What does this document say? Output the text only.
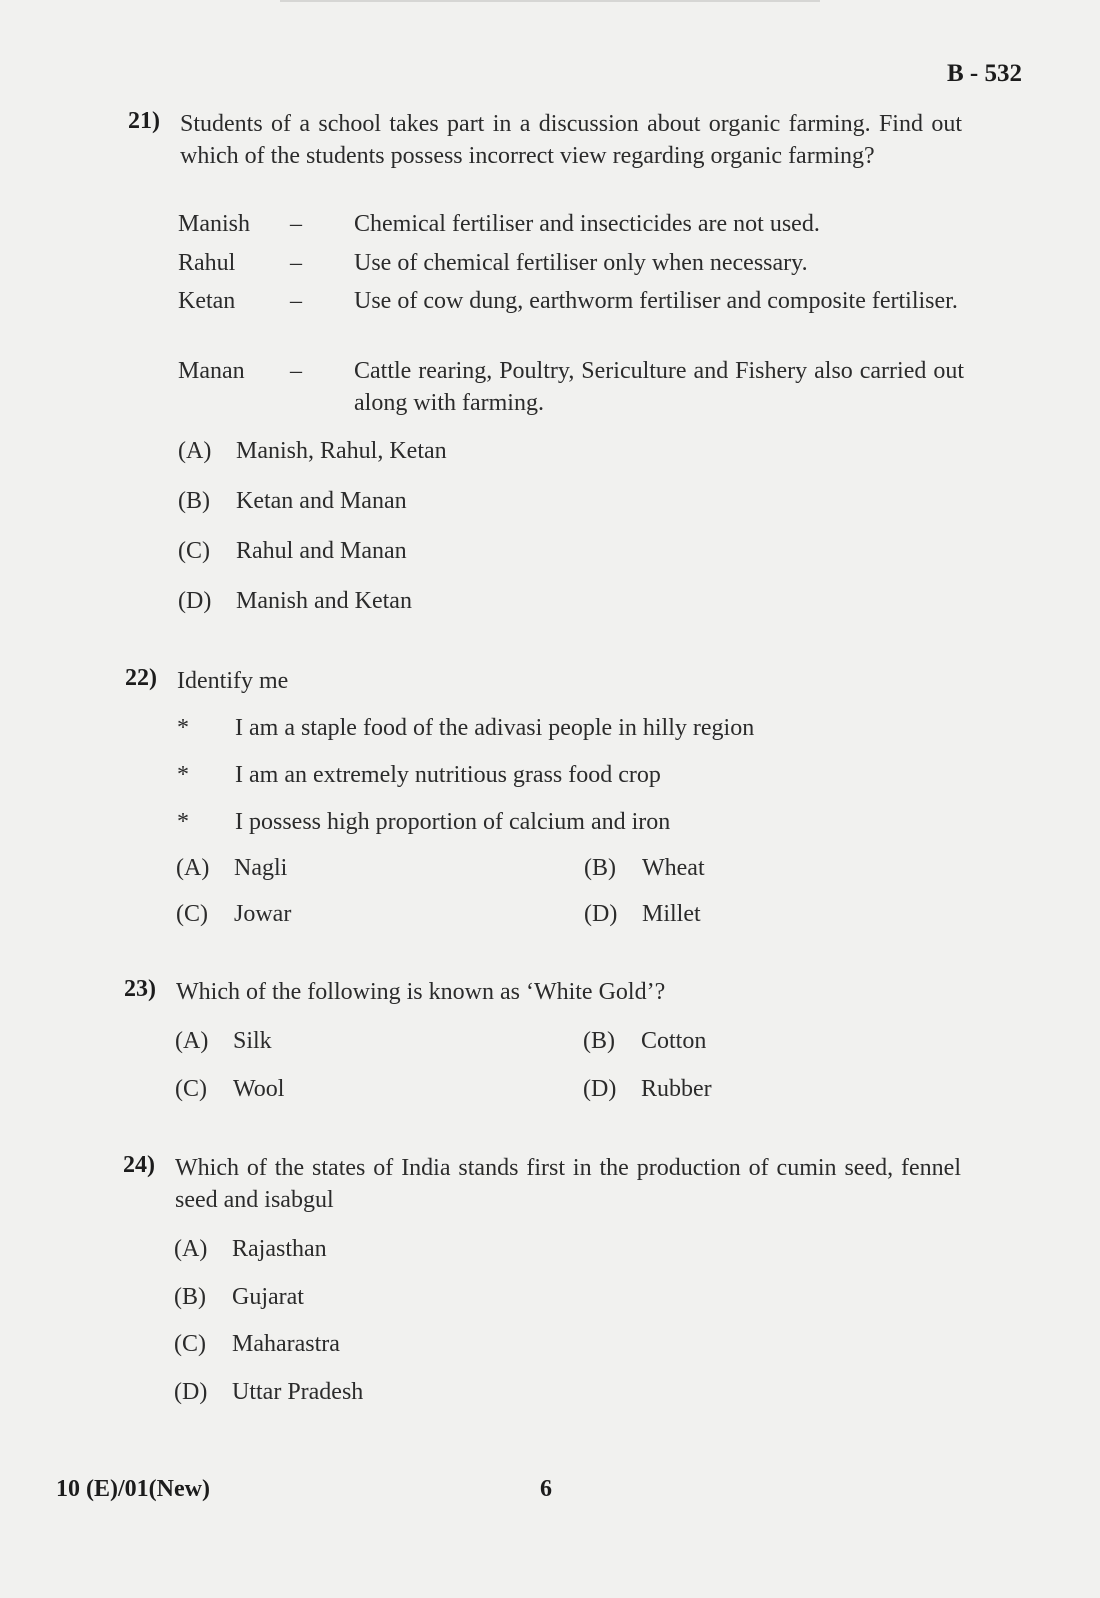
B - 532
21) Students of a school takes part in a discussion about organic farming. Find out which of the students possess incorrect view regarding organic farming?
Manish – Chemical fertiliser and insecticides are not used.
Rahul – Use of chemical fertiliser only when necessary.
Ketan – Use of cow dung, earthworm fertiliser and composite fertiliser.
Manan – Cattle rearing, Poultry, Sericulture and Fishery also carried out along with farming.
(A) Manish, Rahul, Ketan
(B) Ketan and Manan
(C) Rahul and Manan
(D) Manish and Ketan
22) Identify me
* I am a staple food of the adivasi people in hilly region
* I am an extremely nutritious grass food crop
* I possess high proportion of calcium and iron
(A) Nagli	(B) Wheat
(C) Jowar	(D) Millet
23) Which of the following is known as ‘White Gold’?
(A) Silk	(B) Cotton
(C) Wool	(D) Rubber
24) Which of the states of India stands first in the production of cumin seed, fennel seed and isabgul
(A) Rajasthan
(B) Gujarat
(C) Maharastra
(D) Uttar Pradesh
10 (E)/01(New)	6
